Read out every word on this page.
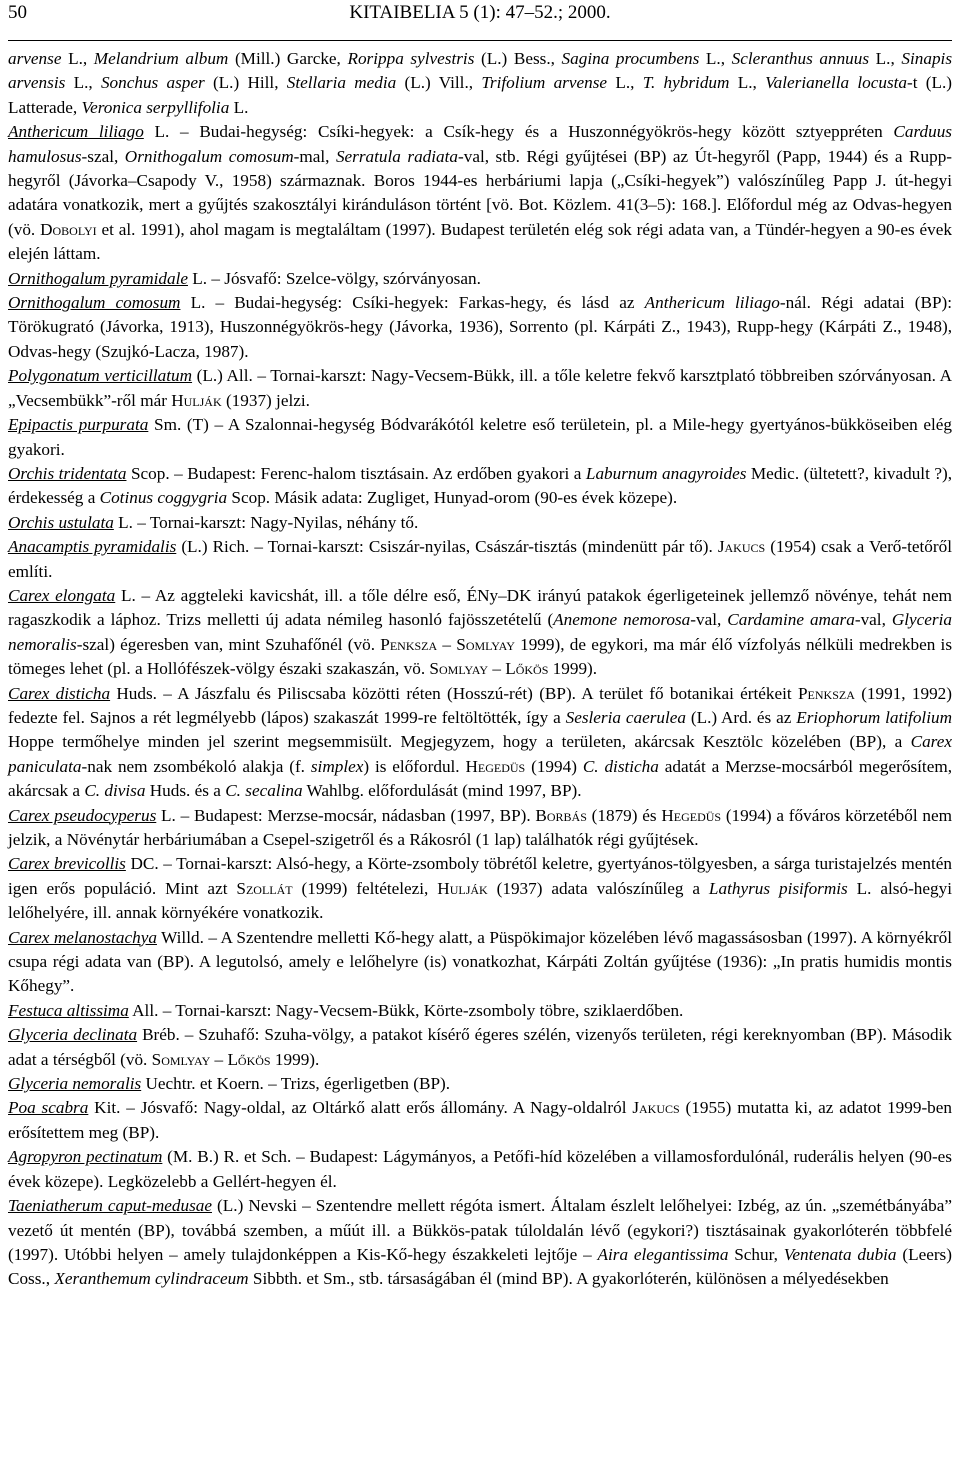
50	KITAIBELIA 5 (1): 47–52.; 2000.

arvense L., Melandrium album (Mill.) Garcke, Rorippa sylvestris (L.) Bess., Sagina procumbens L., Scleranthus annuus L., Sinapis arvensis L., Sonchus asper (L.) Hill, Stellaria media (L.) Vill., Trifolium arvense L., T. hybridum L., Valerianella locusta-t (L.) Latterade, Veronica serpyllifolia L.

Anthericum liliago L. – Budai-hegység: Csíki-hegyek: a Csík-hegy és a Huszonnégyökrös-hegy között sztyeppréten Carduus hamulosus-szal, Ornithogalum comosum-mal, Serratula radiata-val, stb. Régi gyűjtései (BP) az Út-hegyről (Papp, 1944) és a Rupp-hegyről (Jávorka–Csapody V., 1958) származnak. Boros 1944-es herbáriumi lapja („Csíki-hegyek”) valószínűleg Papp J. út-hegyi adatára vonatkozik, mert a gyűjtés szakosztályi kiránduláson történt [vö. Bot. Közlem. 41(3–5): 168.]. Előfordul még az Odvas-hegyen (vö. Dobolyi et al. 1991), ahol magam is megtaláltam (1997). Budapest területén elég sok régi adata van, a Tündér-hegyen a 90-es évek elején láttam.

Ornithogalum pyramidale L. – Jósvafő: Szelce-völgy, szórványosan.

Ornithogalum comosum L. – Budai-hegység: Csíki-hegyek: Farkas-hegy, és lásd az Anthericum liliago-nál. Régi adatai (BP): Törökugrató (Jávorka, 1913), Huszonnégyökrös-hegy (Jávorka, 1936), Sorrento (pl. Kárpáti Z., 1943), Rupp-hegy (Kárpáti Z., 1948), Odvas-hegy (Szujkó-Lacza, 1987).

Polygonatum verticillatum (L.) All. – Tornai-karszt: Nagy-Vecsem-Bükk, ill. a tőle keletre fekvő karsztplató többreiben szórványosan. A „Vecsembükk”-ről már Hulják (1937) jelzi.

Epipactis purpurata Sm. (T) – A Szalonnai-hegység Bódvarákótól keletre eső területein, pl. a Mile-hegy gyertyános-bükköseiben elég gyakori.

Orchis tridentata Scop. – Budapest: Ferenc-halom tisztásain. Az erdőben gyakori a Laburnum anagyroides Medic. (ültetett?, kivadult ?), érdekesség a Cotinus coggygria Scop. Másik adata: Zugliget, Hunyad-orom (90-es évek közepe).

Orchis ustulata L. – Tornai-karszt: Nagy-Nyilas, néhány tő.

Anacamptis pyramidalis (L.) Rich. – Tornai-karszt: Csiszár-nyilas, Császár-tisztás (mindenütt pár tő). Jakucs (1954) csak a Verő-tetőről említi.

Carex elongata L. – Az aggteleki kavicshát, ill. a tőle délre eső, ÉNy–DK irányú patakok égerligeteinek jellemző növénye, tehát nem ragaszkodik a láphoz. Trizs melletti új adata némileg hasonló fajösszetételű (Anemone nemorosa-val, Cardamine amara-val, Glyceria nemoralis-szal) égeresben van, mint Szuhafőnél (vö. Penksza – Somlyay 1999), de egykori, ma már élő vízfolyás nélküli medrekben is tömeges lehet (pl. a Hollófészek-völgy északi szakaszán, vö. Somlyay – Lőkös 1999).

Carex disticha Huds. – A Jászfalu és Piliscsaba közötti réten (Hosszú-rét) (BP). A terület fő botanikai értékeit Penksza (1991, 1992) fedezte fel. Sajnos a rét legmélyebb (lápos) szakaszát 1999-re feltöltötték, így a Sesleria caerulea (L.) Ard. és az Eriophorum latifolium Hoppe termőhelye minden jel szerint megsemmisült. Megjegyzem, hogy a területen, akárcsak Kesztölc közelében (BP), a Carex paniculata-nak nem zsombékoló alakja (f. simplex) is előfordul. Hegedüs (1994) C. disticha adatát a Merzse-mocsárból megerősítem, akárcsak a C. divisa Huds. és a C. secalina Wahlbg. előfordulását (mind 1997, BP).

Carex pseudocyperus L. – Budapest: Merzse-mocsár, nádasban (1997, BP). Borbás (1879) és Hegedüs (1994) a főváros körzetéből nem jelzik, a Növénytár herbáriumában a Csepel-szigetről és a Rákosról (1 lap) találhatók régi gyűjtések.

Carex brevicollis DC. – Tornai-karszt: Alsó-hegy, a Körte-zsomboly töbrétől keletre, gyertyános-tölgyesben, a sárga turistajelzés mentén igen erős populáció. Mint azt Szollát (1999) feltételezi, Hulják (1937) adata valószínűleg a Lathyrus pisiformis L. alsó-hegyi lelőhelyére, ill. annak környékére vonatkozik.

Carex melanostachya Willd. – A Szentendre melletti Kő-hegy alatt, a Püspökimajor közelében lévő magassásosban (1997). A környékről csupa régi adata van (BP). A legutolsó, amely e lelőhelyre (is) vonatkozhat, Kárpáti Zoltán gyűjtése (1936): „In pratis humidis montis Kőhegy”.

Festuca altissima All. – Tornai-karszt: Nagy-Vecsem-Bükk, Körte-zsomboly töbre, sziklaerdőben.

Glyceria declinata Bréb. – Szuhafő: Szuha-völgy, a patakot kísérő égeres szélén, vizenyős területen, régi kereknyomban (BP). Második adat a térségből (vö. Somlyay – Lőkös 1999).

Glyceria nemoralis Uechtr. et Koern. – Trizs, égerligetben (BP).

Poa scabra Kit. – Jósvafő: Nagy-oldal, az Oltárkő alatt erős állomány. A Nagy-oldalról Jakucs (1955) mutatta ki, az adatot 1999-ben erősítettem meg (BP).

Agropyron pectinatum (M. B.) R. et Sch. – Budapest: Lágymányos, a Petőfi-híd közelében a villamosfordulónál, ruderális helyen (90-es évek közepe). Legközelebb a Gellért-hegyen él.

Taeniatherum caput-medusae (L.) Nevski – Szentendre mellett régóta ismert. Általam észlelt lelőhelyei: Izbég, az ún. „szemétbányába” vezető út mentén (BP), továbbá szemben, a műút ill. a Bükkös-patak túloldalán lévő (egykori?) tisztásainak gyakorlóterén többfelé (1997). Utóbbi helyen – amely tulajdonképpen a Kis-Kő-hegy északkeleti lejtője – Aira elegantissima Schur, Ventenata dubia (Leers) Coss., Xeranthemum cylindraceum Sibbth. et Sm., stb. társaságában él (mind BP). A gyakorlóterén, különösen a mélyedésekben
